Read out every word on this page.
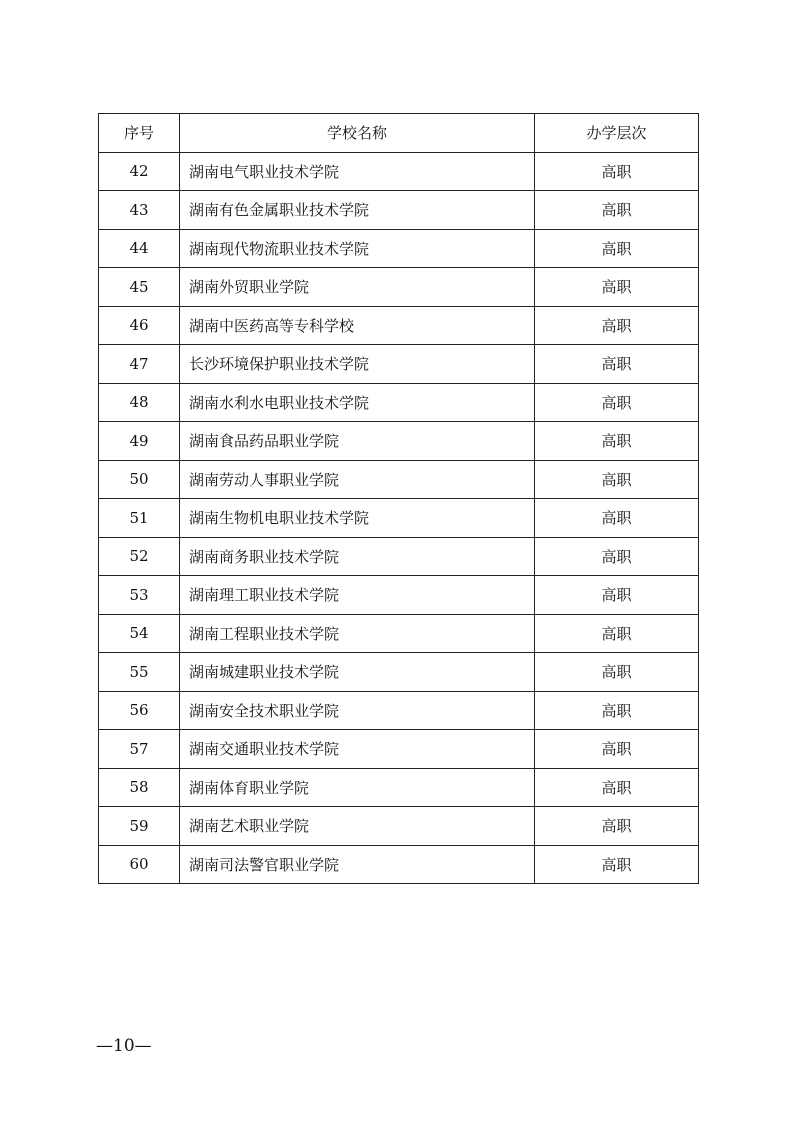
序号	学校名称	办学层次
42	湖南电气职业技术学院	高职
43	湖南有色金属职业技术学院	高职
44	湖南现代物流职业技术学院	高职
45	湖南外贸职业学院	高职
46	湖南中医药高等专科学校	高职
47	长沙环境保护职业技术学院	高职
48	湖南水利水电职业技术学院	高职
49	湖南食品药品职业学院	高职
50	湖南劳动人事职业学院	高职
51	湖南生物机电职业技术学院	高职
52	湖南商务职业技术学院	高职
53	湖南理工职业技术学院	高职
54	湖南工程职业技术学院	高职
55	湖南城建职业技术学院	高职
56	湖南安全技术职业学院	高职
57	湖南交通职业技术学院	高职
58	湖南体育职业学院	高职
59	湖南艺术职业学院	高职
60	湖南司法警官职业学院	高职
—10—
